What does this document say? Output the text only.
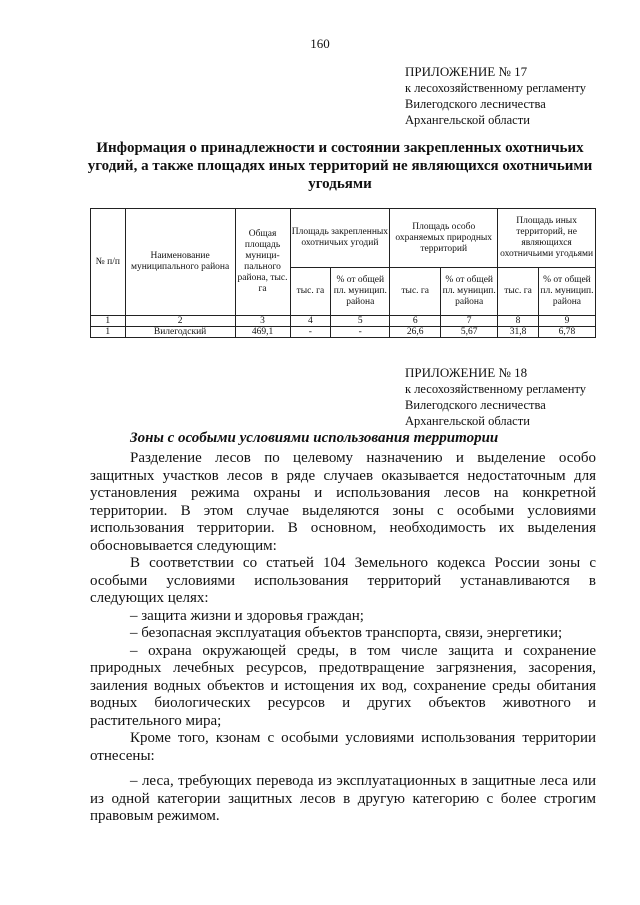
160
ПРИЛОЖЕНИЕ № 17
к лесохозяйственному регламенту
Вилегодского лесничества
Архангельской области
Информация о принадлежности и состоянии закрепленных охотничьих угодий, а также площадях иных территорий не являющихся охотничьими угодьями
№ п/п	Наименование муниципального района	Общая площадь муници-пального района, тыс. га	Площадь закрепленных охотничьих угодий		Площадь особо охраняемых природных территорий		Площадь иных территорий, не являющихся охотничьими угодьями	
			тыс. га	% от общей пл. муницип. района	тыс. га	% от общей пл. муницип. района	тыс. га	% от общей пл. муницип. района
1	2	3	4	5	6	7	8	9
1	Вилегодский	469,1	-	-	26,6	5,67	31,8	6,78
ПРИЛОЖЕНИЕ № 18
к лесохозяйственному регламенту
Вилегодского лесничества
Архангельской области
Зоны с особыми условиями использования территории

Разделение лесов по целевому назначению и выделение особо защитных участков лесов в ряде случаев оказывается недостаточным для установления режима охраны и использования лесов на конкретной территории. В этом случае выделяются зоны с особыми условиями использования территории. В основном, необходимость их выделения обосновывается следующим:

В соответствии со статьей 104 Земельного кодекса России зоны с особыми условиями использования территорий устанавливаются в следующих целях:

– защита жизни и здоровья граждан;

– безопасная эксплуатация объектов транспорта, связи, энергетики;

– охрана окружающей среды, в том числе защита и сохранение природных лечебных ресурсов, предотвращение загрязнения, засорения, заиления водных объектов и истощения их вод, сохранение среды обитания водных биологических ресурсов и других объектов животного и растительного мира;

Кроме того, кзонам с особыми условиями использования территории отнесены:

– леса, требующих перевода из эксплуатационных в защитные леса или из одной категории защитных лесов в другую категорию с более строгим правовым режимом.
